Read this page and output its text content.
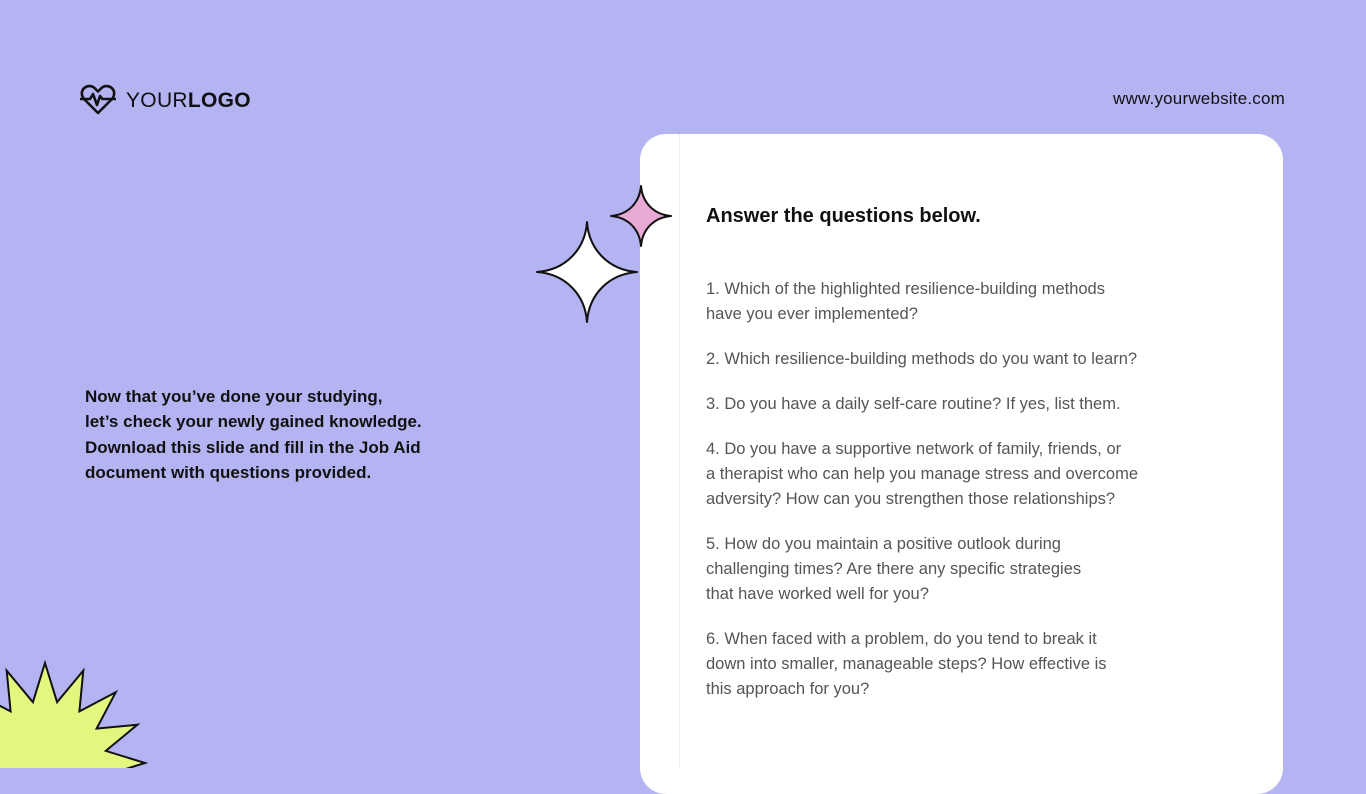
YOURLOGO	www.yourwebsite.com
Now that you’ve done your studying,
let’s check your newly gained knowledge.
Download this slide and fill in the Job Aid
document with questions provided.
Answer the questions below.
1. Which of the highlighted resilience-building methods
have you ever implemented?
2. Which resilience-building methods do you want to learn?
3. Do you have a daily self-care routine? If yes, list them.
4. Do you have a supportive network of family, friends, or
a therapist who can help you manage stress and overcome
adversity? How can you strengthen those relationships?
5. How do you maintain a positive outlook during
challenging times? Are there any specific strategies
that have worked well for you?
6. When faced with a problem, do you tend to break it
down into smaller, manageable steps? How effective is
this approach for you?
